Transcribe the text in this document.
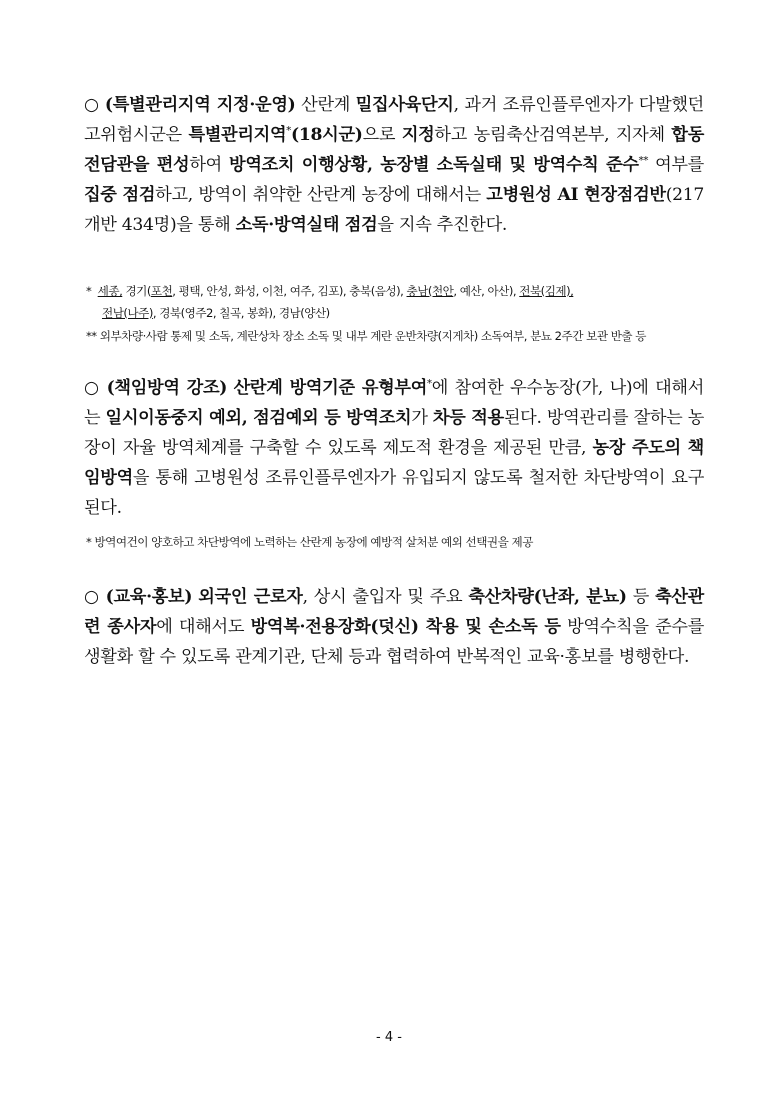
○ (특별관리지역 지정·운영) 산란계 밀집사육단지, 과거 조류인플루엔자가 다발했던 고위험시군은 특별관리지역*(18시군)으로 지정하고 농림축산검역본부, 지자체 합동전담관을 편성하여 방역조치 이행상황, 농장별 소독실태 및 방역수칙 준수** 여부를 집중 점검하고, 방역이 취약한 산란계 농장에 대해서는 고병원성 AI 현장점검반(217개반 434명)을 통해 소독·방역실태 점검을 지속 추진한다.
* 세종, 경기(포천, 평택, 안성, 화성, 이천, 여주, 김포), 충북(음성), 충남(천안, 예산, 아산), 전북(김제),
전남(나주), 경북(영주2, 칠곡, 봉화), 경남(양산)
** 외부차량·사람 통제 및 소독, 계란상차 장소 소독 및 내부 계란 운반차량(지게차) 소독여부, 분뇨 2주간 보관 반출 등
○ (책임방역 강조) 산란계 방역기준 유형부여*에 참여한 우수농장(가, 나)에 대해서는 일시이동중지 예외, 점검예외 등 방역조치가 차등 적용된다. 방역관리를 잘하는 농장이 자율 방역체계를 구축할 수 있도록 제도적 환경을 제공된 만큼, 농장 주도의 책임방역을 통해 고병원성 조류인플루엔자가 유입되지 않도록 철저한 차단방역이 요구된다.
* 방역여건이 양호하고 차단방역에 노력하는 산란계 농장에 예방적 살처분 예외 선택권을 제공
○ (교육·홍보) 외국인 근로자, 상시 출입자 및 주요 축산차량(난좌, 분뇨) 등 축산관련 종사자에 대해서도 방역복·전용장화(덧신) 착용 및 손소독 등 방역수칙을 준수를 생활화 할 수 있도록 관계기관, 단체 등과 협력하여 반복적인 교육·홍보를 병행한다.
- 4 -
